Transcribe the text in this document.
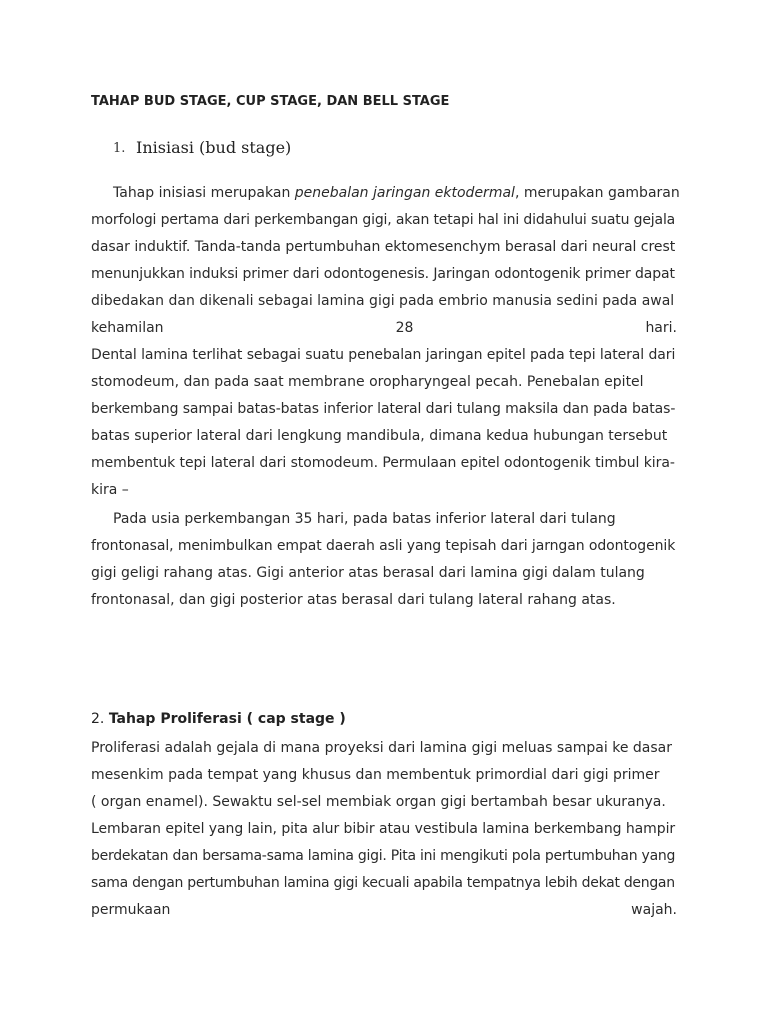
TAHAP BUD STAGE, CUP STAGE, DAN BELL STAGE
1. Inisiasi (bud stage)
Tahap inisiasi merupakan penebalan jaringan ektodermal, merupakan gambaran
morfologi pertama dari perkembangan gigi, akan tetapi hal ini didahului suatu gejala
dasar induktif. Tanda-tanda pertumbuhan ektomesenchym berasal dari neural crest
menunjukkan induksi primer dari odontogenesis. Jaringan odontogenik primer dapat
dibedakan dan dikenali sebagai lamina gigi pada embrio manusia sedini pada awal
kehamilan	28	hari.
Dental lamina terlihat sebagai suatu penebalan jaringan epitel pada tepi lateral dari
stomodeum, dan pada saat membrane oropharyngeal pecah. Penebalan epitel
berkembang sampai batas-batas inferior lateral dari tulang maksila dan pada batas-
batas superior lateral dari lengkung mandibula, dimana kedua hubungan tersebut
membentuk tepi lateral dari stomodeum. Permulaan epitel odontogenik timbul kira-
kira –
Pada usia perkembangan 35 hari, pada batas inferior lateral dari tulang
frontonasal, menimbulkan empat daerah asli yang tepisah dari jarngan odontogenik
gigi geligi rahang atas. Gigi anterior atas berasal dari lamina gigi dalam tulang
frontonasal, dan gigi posterior atas berasal dari tulang lateral rahang atas.
2. Tahap Proliferasi ( cap stage )
Proliferasi adalah gejala di mana proyeksi dari lamina gigi meluas sampai ke dasar
mesenkim pada tempat yang khusus dan membentuk primordial dari gigi primer
( organ enamel). Sewaktu sel-sel membiak organ gigi bertambah besar ukuranya.
Lembaran epitel yang lain, pita alur bibir atau vestibula lamina berkembang hampir
berdekatan dan bersama-sama lamina gigi. Pita ini mengikuti pola pertumbuhan yang
sama dengan pertumbuhan lamina gigi kecuali apabila tempatnya lebih dekat dengan
permukaan	wajah.
